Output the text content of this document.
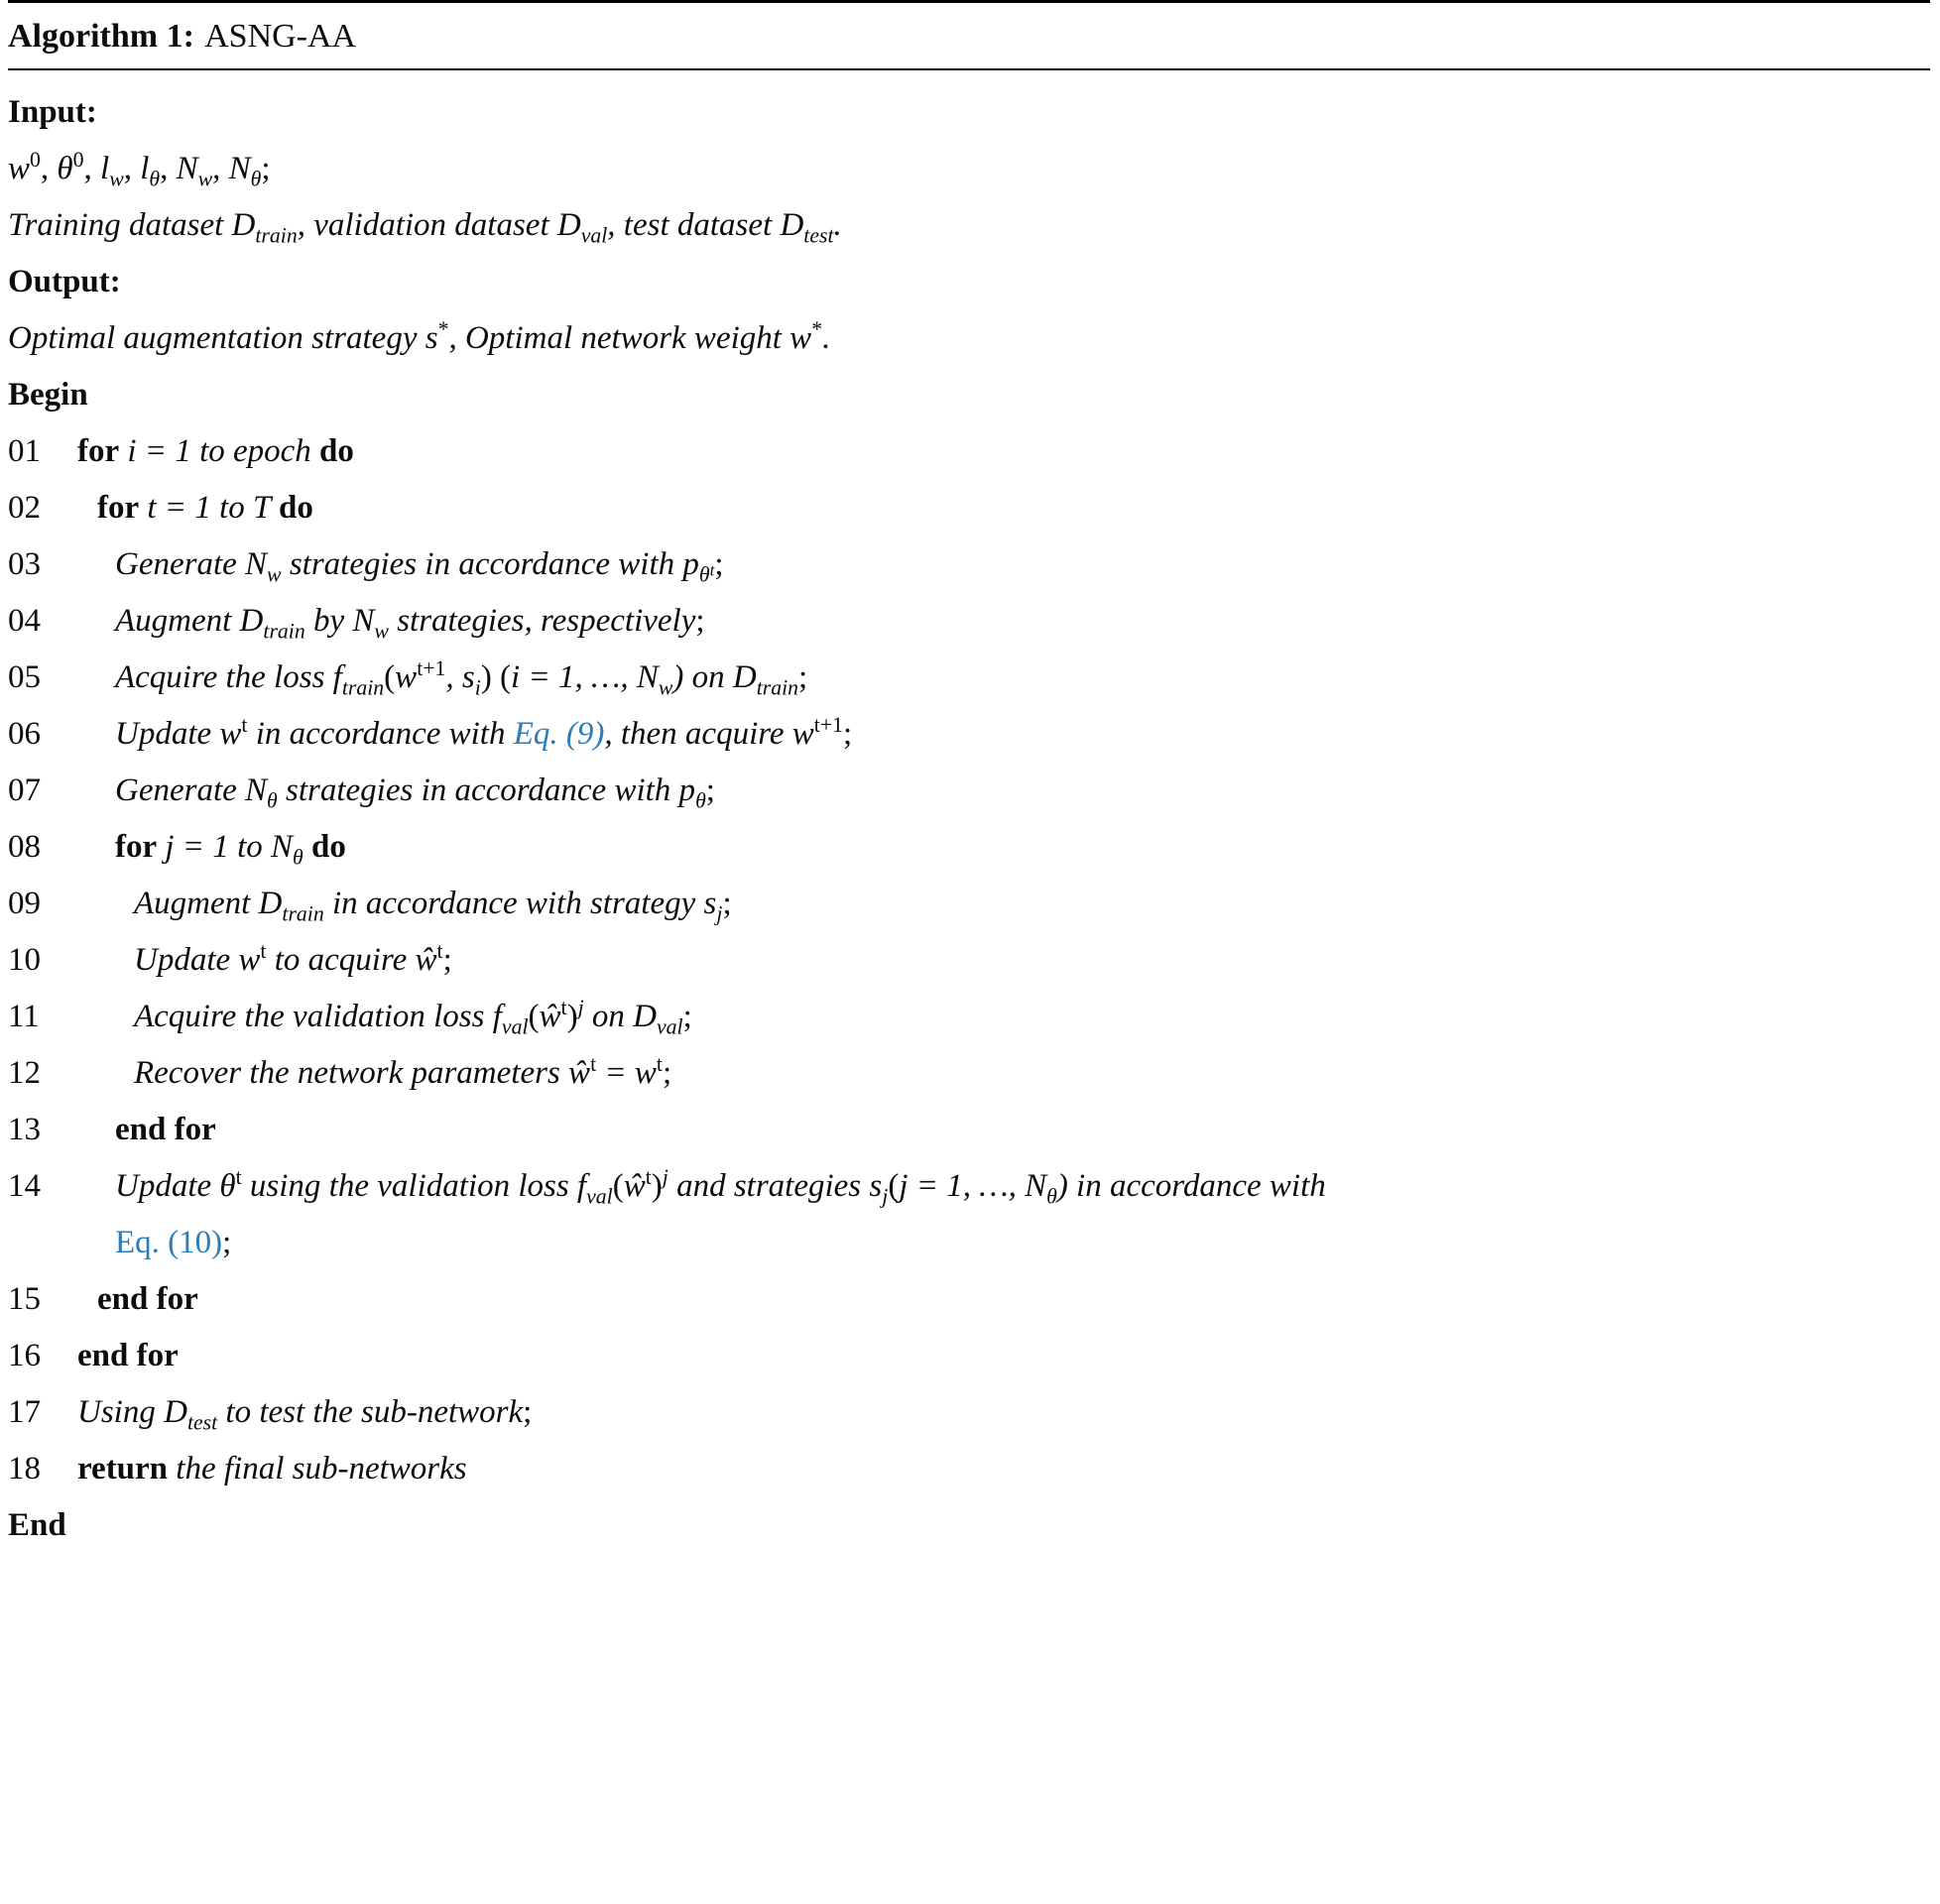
Algorithm 1: ASNG-AA
Input:
$w^0$, $\theta^0$, $l_w$, $l_\theta$, $N_w$, $N_\theta$;
Training dataset $D_{train}$, validation dataset $D_{val}$, test dataset $D_{test}$.
Output:
Optimal augmentation strategy s*, Optimal network weight w*.
Begin
01	for i = 1 to epoch do
02	for t = 1 to T do
03	Generate $N_w$ strategies in accordance with $p_\theta t$;
04	Augment $D_{train}$ by $N_w$ strategies, respectively;
05	Acquire the loss $f_{train}(w^{t+1}$, $s_i$) (i = 1, …, $N_w$) on $D_{train}$;
06	Update $w^t$ in accordance with Eq. (9), then acquire $w^{t+1}$;
07	Generate $N_\theta$ strategies in accordance with $p_\theta$;
08	for j = 1 to $N_\theta$ do
09	Augment $D_{train}$ in accordance with strategy $s_j$;
10	Update $w^t$ to acquire $ŵ^t$;
11	Acquire the validation loss $f_{val}(ŵ^t)^j$ on $D_{val}$;
12	Recover the network parameters $ŵ^t = w^t$;
13	end for
14	Update $\theta^t$ using the validation loss $f_{val}(ŵ^t)^j$ and strategies $s_j(j = 1$, …, $N_\theta$) in accordance with
Eq. (10);
15	end for
16	end for
17	Using $D_{test}$ to test the sub-network;
18	return the final sub-networks
End
